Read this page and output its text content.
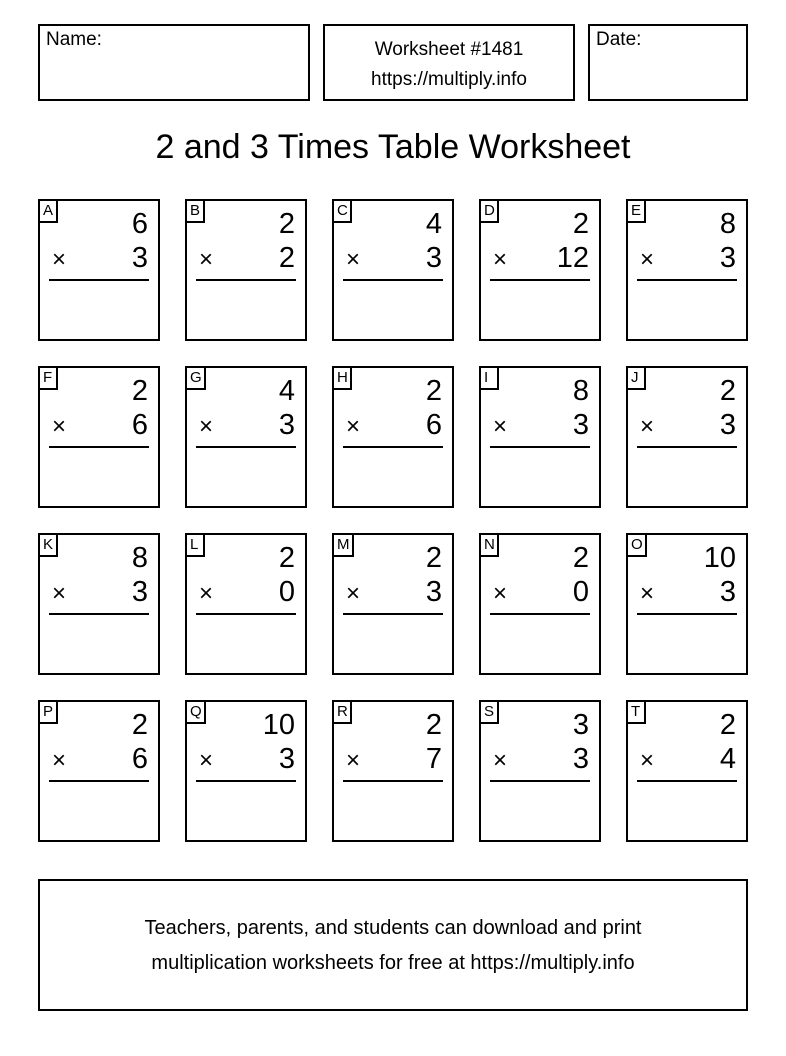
Name:	Worksheet #1481
https://multiply.info
Date:
2 and 3 Times Table Worksheet
A	6
× 3
B	2
× 2
C	4
× 3
D	2
× 12
E	8
× 3
F	2
× 6
G	4
× 3
H	2
× 6
I	8
× 3
J	2
× 3
K	8
× 3
L	2
× 0
M	2
× 3
N	2
× 0
O 10
× 3
P	2
× 6
Q 10
× 3
R	2
× 7
S	3
× 3
T	2
× 4
Teachers, parents, and students can download and print
multiplication worksheets for free at https://multiply.info
